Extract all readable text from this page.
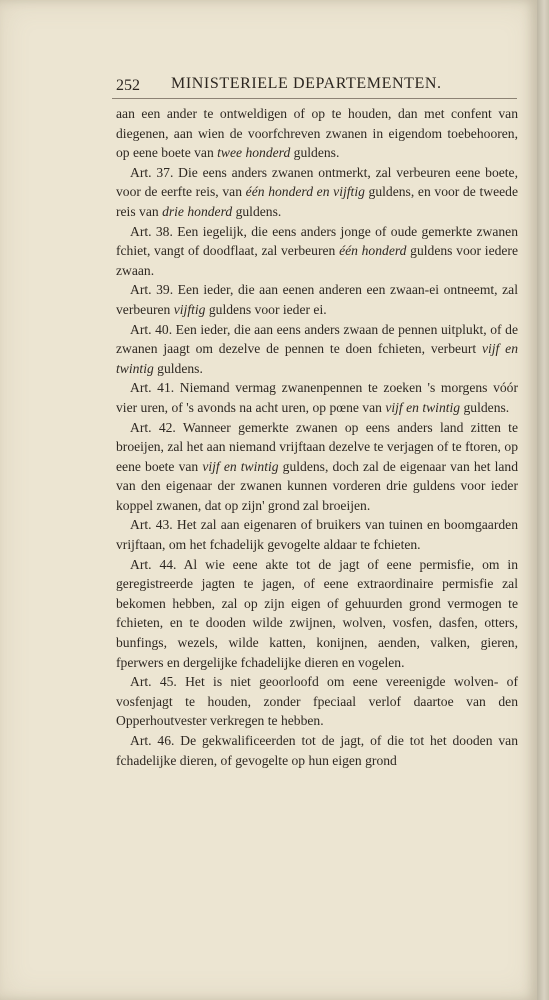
252 MINISTERIELE DEPARTEMENTEN.

aan een ander te ontweldigen of op te houden, dan met confent van diegenen, aan wien de voorfchreven zwanen in eigendom toebehooren, op eene boete van twee honderd guldens.

Art. 37. Die eens anders zwanen ontmerkt, zal verbeuren eene boete, voor de eerfte reis, van één honderd en vijftig guldens, en voor de tweede reis van drie honderd guldens.

Art. 38. Een iegelijk, die eens anders jonge of oude gemerkte zwanen fchiet, vangt of doodflaat, zal verbeuren één honderd guldens voor iedere zwaan.

Art. 39. Een ieder, die aan eenen anderen een zwaan-ei ontneemt, zal verbeuren vijftig guldens voor ieder ei.

Art. 40. Een ieder, die aan eens anders zwaan de pennen uitplukt, of de zwanen jaagt om dezelve de pennen te doen fchieten, verbeurt vijf en twintig guldens.

Art. 41. Niemand vermag zwanenpennen te zoeken 's morgens vóór vier uren, of 's avonds na acht uren, op pœne van vijf en twintig guldens.

Art. 42. Wanneer gemerkte zwanen op eens anders land zitten te broeijen, zal het aan niemand vrijftaan dezelve te verjagen of te ftoren, op eene boete van vijf en twintig guldens, doch zal de eigenaar van het land van den eigenaar der zwanen kunnen vorderen drie guldens voor ieder koppel zwanen, dat op zijn' grond zal broeijen.

Art. 43. Het zal aan eigenaren of bruikers van tuinen en boomgaarden vrijftaan, om het fchadelijk gevogelte aldaar te fchieten.

Art. 44. Al wie eene akte tot de jagt of eene permisfie, om in geregistreerde jagten te jagen, of eene extraordinaire permisfie zal bekomen hebben, zal op zijn eigen of gehuurden grond vermogen te fchieten, en te dooden wilde zwijnen, wolven, vosfen, dasfen, otters, bunfings, wezels, wilde katten, konijnen, aenden, valken, gieren, fperwers en dergelijke fchadelijke dieren en vogelen.

Art. 45. Het is niet geoorloofd om eene vereenigde wolven- of vosfenjagt te houden, zonder fpeciaal verlof daartoe van den Opperhoutvester verkregen te hebben.

Art. 46. De gekwalificeerden tot de jagt, of die tot het dooden van fchadelijke dieren, of gevogelte op hun eigen grond
